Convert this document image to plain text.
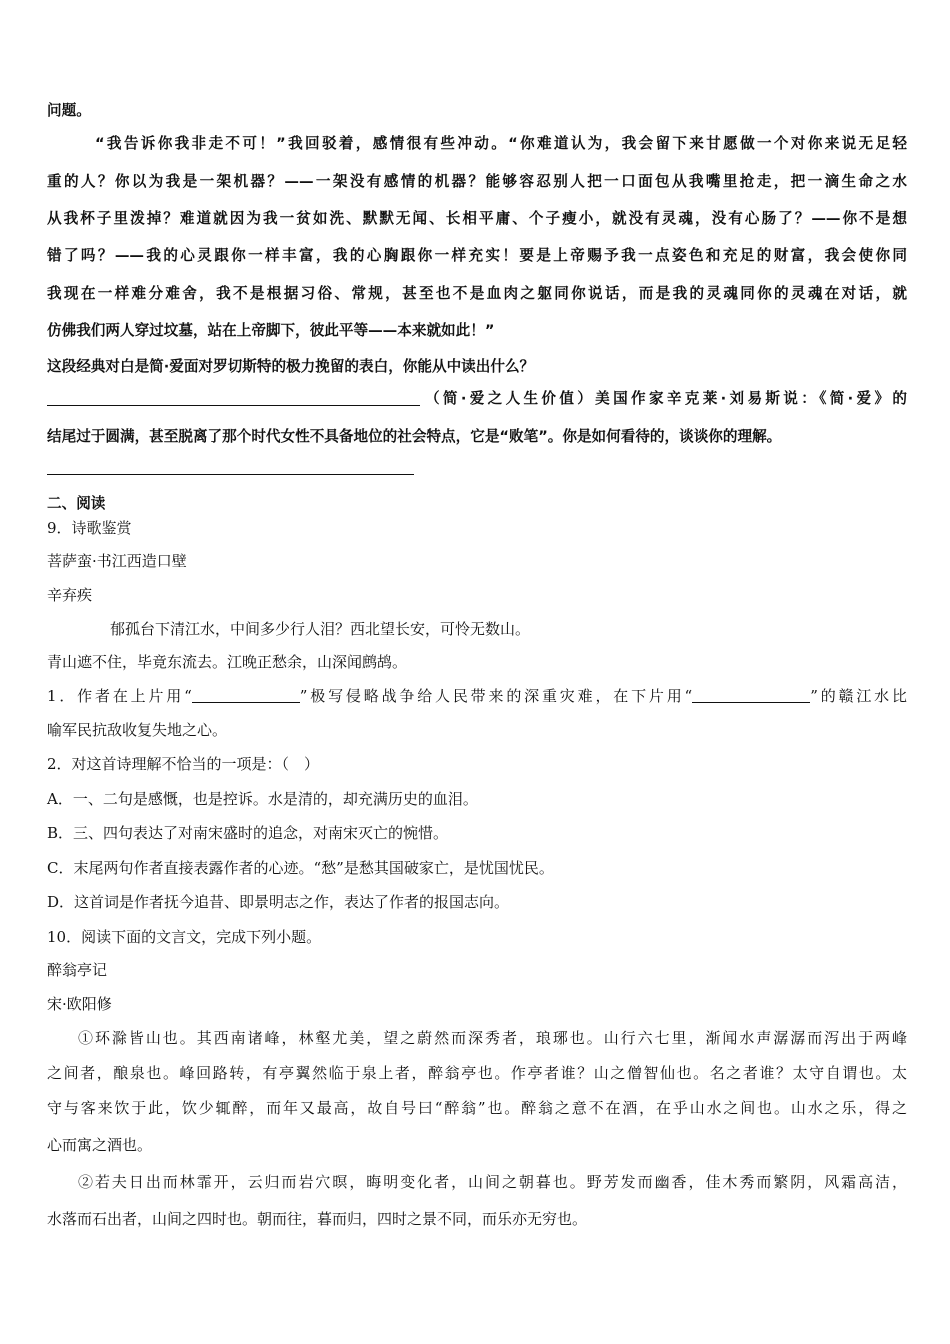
问题。
“我告诉你我非走不可！”我回驳着，感情很有些冲动。“你难道认为，我会留下来甘愿做一个对你来说无足轻
重的人？你以为我是一架机器？——一架没有感情的机器？能够容忍别人把一口面包从我嘴里抢走，把一滴生命之水
从我杯子里泼掉？难道就因为我一贫如洗、默默无闻、长相平庸、个子瘦小，就没有灵魂，没有心肠了？——你不是想
错了吗？——我的心灵跟你一样丰富，我的心胸跟你一样充实！要是上帝赐予我一点姿色和充足的财富，我会使你同
我现在一样难分难舍，我不是根据习俗、常规，甚至也不是血肉之躯同你说话，而是我的灵魂同你的灵魂在对话，就
仿佛我们两人穿过坟墓，站在上帝脚下，彼此平等——本来就如此！”
这段经典对白是简·爱面对罗切斯特的极力挽留的表白，你能从中读出什么？
（简·爱之人生价值）美国作家辛克莱·刘易斯说：《简·爱》的
结尾过于圆满，甚至脱离了那个时代女性不具备地位的社会特点，它是“败笔”。你是如何看待的，谈谈你的理解。
二、阅读
9．诗歌鉴赏
菩萨蛮·书江西造口壁
辛弃疾
郁孤台下清江水，中间多少行人泪？西北望长安，可怜无数山。
青山遮不住，毕竟东流去。江晚正愁余，山深闻鹧鸪。
1．作者在上片用“	”极写侵略战争给人民带来的深重灾难，在下片用“	”的赣江水比
喻军民抗敌收复失地之心。
2．对这首诗理解不恰当的一项是：（　）
A．一、二句是感慨，也是控诉。水是清的，却充满历史的血泪。
B．三、四句表达了对南宋盛时的追念，对南宋灭亡的惋惜。
C．末尾两句作者直接表露作者的心迹。“愁”是愁其国破家亡，是忧国忧民。
D．这首词是作者抚今追昔、即景明志之作，表达了作者的报国志向。
10．阅读下面的文言文，完成下列小题。
醉翁亭记
宋·欧阳修
①环滁皆山也。其西南诸峰，林壑尤美，望之蔚然而深秀者，琅琊也。山行六七里，渐闻水声潺潺而泻出于两峰
之间者，酿泉也。峰回路转，有亭翼然临于泉上者，醉翁亭也。作亭者谁？山之僧智仙也。名之者谁？太守自谓也。太
守与客来饮于此，饮少辄醉，而年又最高，故自号曰“醉翁”也。醉翁之意不在酒，在乎山水之间也。山水之乐，得之
心而寓之酒也。
②若夫日出而林霏开，云归而岩穴暝，晦明变化者，山间之朝暮也。野芳发而幽香，佳木秀而繁阴，风霜高洁，
水落而石出者，山间之四时也。朝而往，暮而归，四时之景不同，而乐亦无穷也。
